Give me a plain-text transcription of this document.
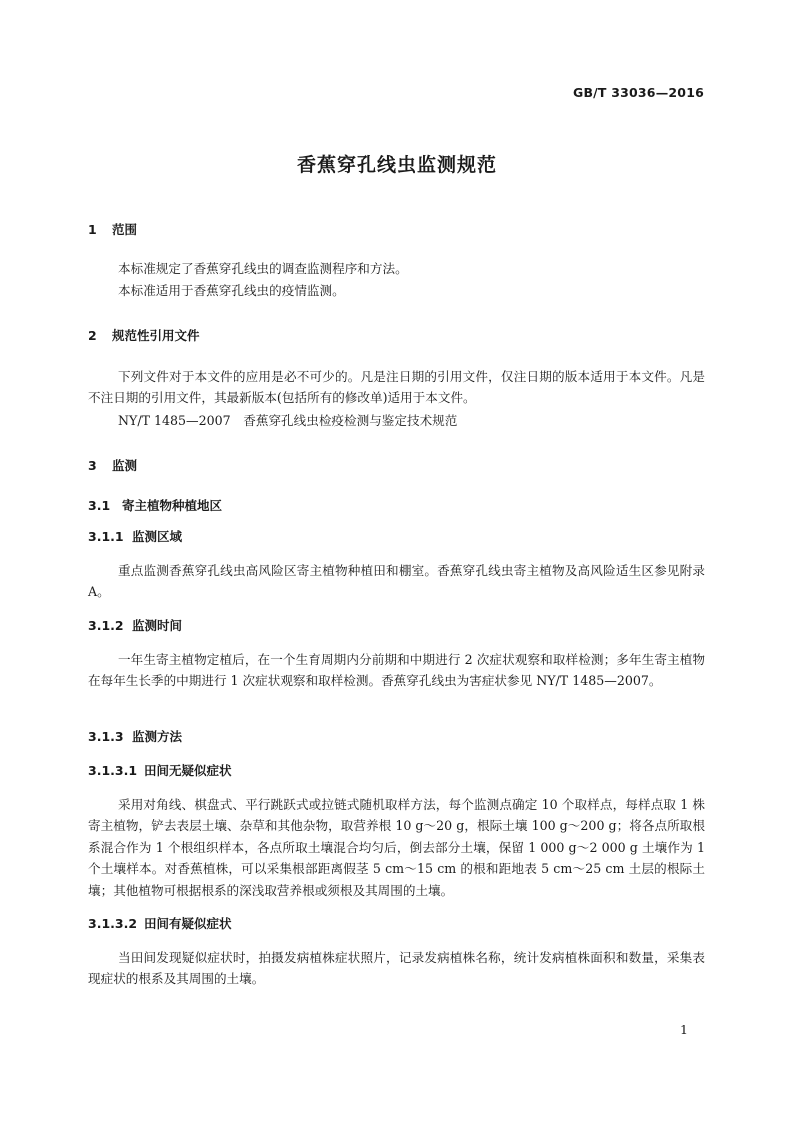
GB/T 33036—2016
香蕉穿孔线虫监测规范
1 范围
本标准规定了香蕉穿孔线虫的调查监测程序和方法。
本标准适用于香蕉穿孔线虫的疫情监测。
2 规范性引用文件
下列文件对于本文件的应用是必不可少的。凡是注日期的引用文件，仅注日期的版本适用于本文件。凡是不注日期的引用文件，其最新版本(包括所有的修改单)适用于本文件。
NY/T 1485—2007　香蕉穿孔线虫检疫检测与鉴定技术规范
3 监测
3.1 寄主植物种植地区
3.1.1 监测区域
重点监测香蕉穿孔线虫高风险区寄主植物种植田和棚室。香蕉穿孔线虫寄主植物及高风险适生区参见附录 A。
3.1.2 监测时间
一年生寄主植物定植后，在一个生育周期内分前期和中期进行 2 次症状观察和取样检测；多年生寄主植物在每年生长季的中期进行 1 次症状观察和取样检测。香蕉穿孔线虫为害症状参见 NY/T 1485—2007。
3.1.3 监测方法
3.1.3.1 田间无疑似症状
采用对角线、棋盘式、平行跳跃式或拉链式随机取样方法，每个监测点确定 10 个取样点，每样点取 1 株寄主植物，铲去表层土壤、杂草和其他杂物，取营养根 10 g～20 g，根际土壤 100 g～200 g；将各点所取根系混合作为 1 个根组织样本，各点所取土壤混合均匀后，倒去部分土壤，保留 1 000 g～2 000 g 土壤作为 1 个土壤样本。对香蕉植株，可以采集根部距离假茎 5 cm～15 cm 的根和距地表 5 cm～25 cm 土层的根际土壤；其他植物可根据根系的深浅取营养根或须根及其周围的土壤。
3.1.3.2 田间有疑似症状
当田间发现疑似症状时，拍摄发病植株症状照片，记录发病植株名称，统计发病植株面积和数量，采集表现症状的根系及其周围的土壤。
1
